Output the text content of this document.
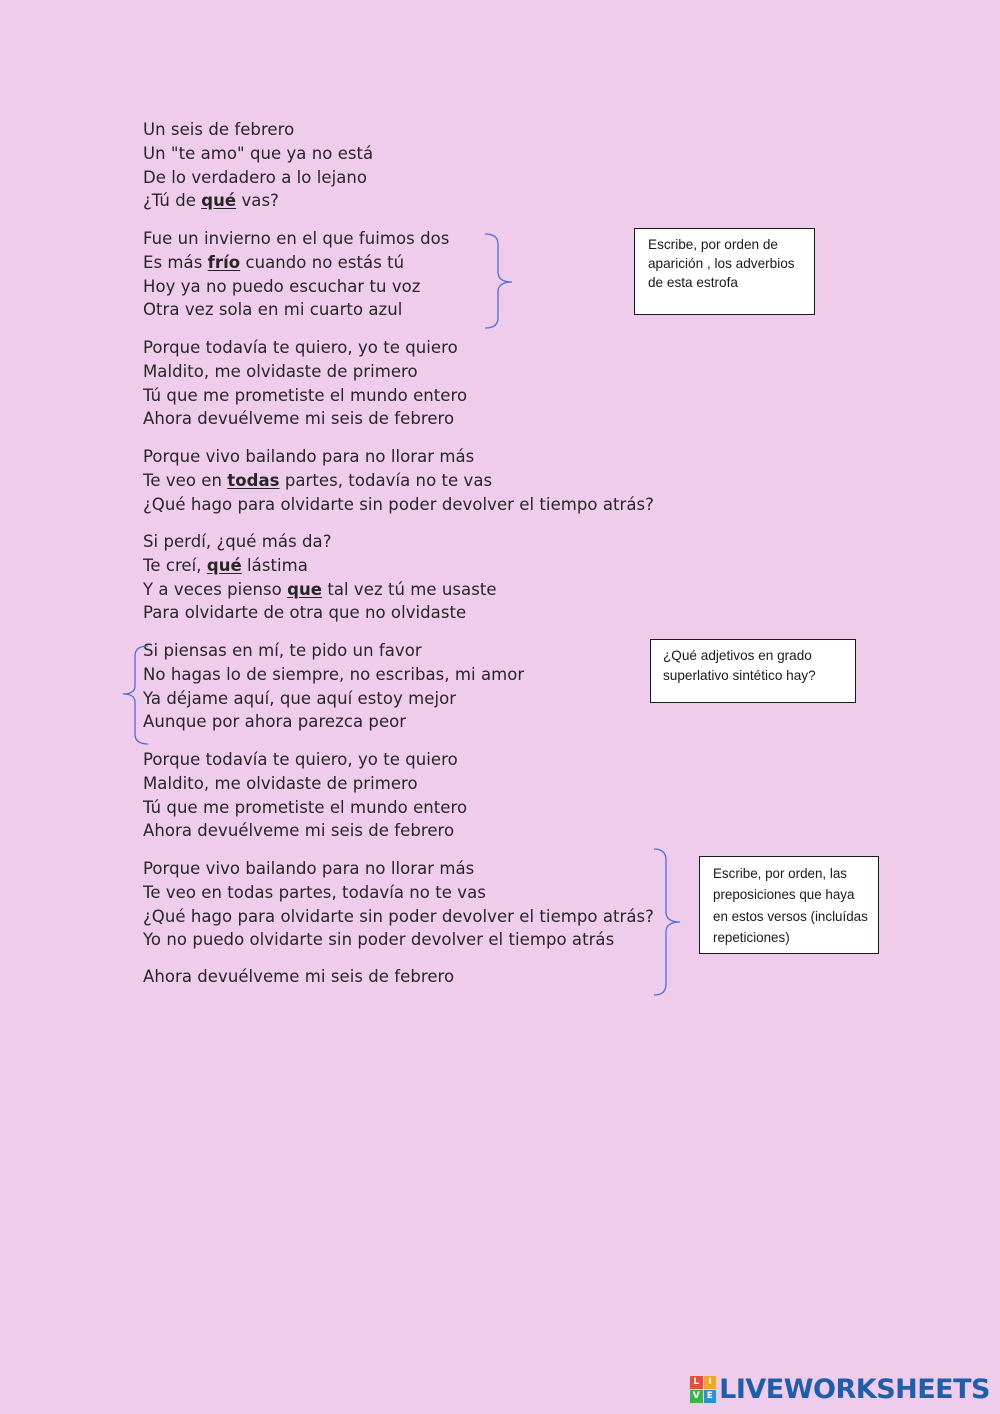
Un seis de febrero
Un "te amo" que ya no está
De lo verdadero a lo lejano
¿Tú de qué vas?
Fue un invierno en el que fuimos dos
Es más frío cuando no estás tú
Hoy ya no puedo escuchar tu voz
Otra vez sola en mi cuarto azul
Porque todavía te quiero, yo te quiero
Maldito, me olvidaste de primero
Tú que me prometiste el mundo entero
Ahora devuélveme mi seis de febrero
Porque vivo bailando para no llorar más
Te veo en todas partes, todavía no te vas
¿Qué hago para olvidarte sin poder devolver el tiempo atrás?
Si perdí, ¿qué más da?
Te creí, qué lástima
Y a veces pienso que tal vez tú me usaste
Para olvidarte de otra que no olvidaste
Si piensas en mí, te pido un favor
No hagas lo de siempre, no escribas, mi amor
Ya déjame aquí, que aquí estoy mejor
Aunque por ahora parezca peor
Porque todavía te quiero, yo te quiero
Maldito, me olvidaste de primero
Tú que me prometiste el mundo entero
Ahora devuélveme mi seis de febrero
Porque vivo bailando para no llorar más
Te veo en todas partes, todavía no te vas
¿Qué hago para olvidarte sin poder devolver el tiempo atrás?
Yo no puedo olvidarte sin poder devolver el tiempo atrás
Ahora devuélveme mi seis de febrero
Escribe, por orden de aparición , los adverbios de esta estrofa
¿Qué adjetivos en grado superlativo sintético hay?
Escribe, por orden, las preposiciones que haya en estos versos (incluídas repeticiones)
L	I
V E LIVEWORKSHEETS
